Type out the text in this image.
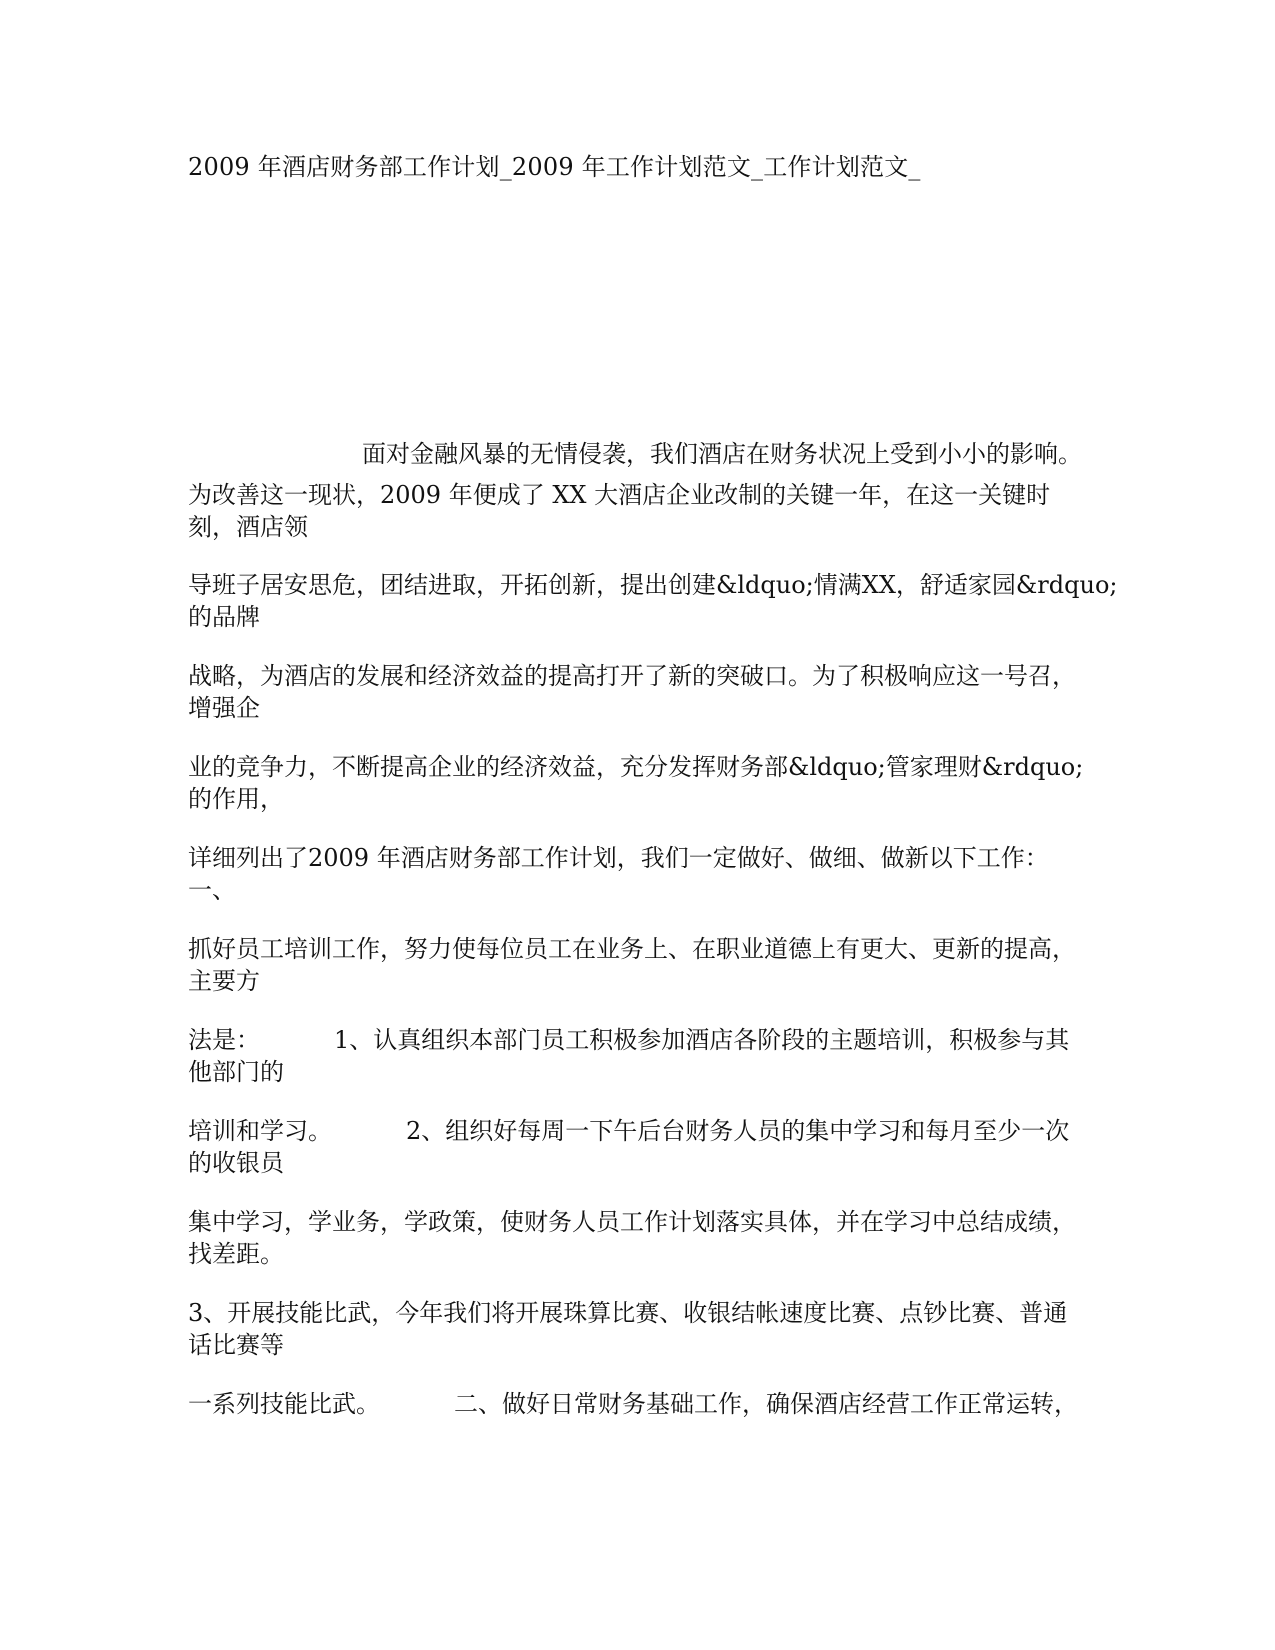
2009 年酒店财务部工作计划_2009 年工作计划范文_工作计划范文_
面对金融风暴的无情侵袭，我们酒店在财务状况上受到小小的影响。
为改善这一现状，2009 年便成了 XX 大酒店企业改制的关键一年，在这一关键时
刻，酒店领
导班子居安思危，团结进取，开拓创新，提出创建&ldquo;情满XX，舒适家园&rdquo;
的品牌
战略，为酒店的发展和经济效益的提高打开了新的突破口。为了积极响应这一号召，
增强企
业的竞争力，不断提高企业的经济效益，充分发挥财务部&ldquo;管家理财&rdquo;
的作用，
详细列出了2009 年酒店财务部工作计划，我们一定做好、做细、做新以下工作：
一、
抓好员工培训工作，努力使每位员工在业务上、在职业道德上有更大、更新的提高，
主要方
法是：	1、认真组织本部门员工积极参加酒店各阶段的主题培训，积极参与其
他部门的
培训和学习。	2、组织好每周一下午后台财务人员的集中学习和每月至少一次
的收银员
集中学习，学业务，学政策，使财务人员工作计划落实具体，并在学习中总结成绩，
找差距。
3、开展技能比武，今年我们将开展珠算比赛、收银结帐速度比赛、点钞比赛、普通
话比赛等
一系列技能比武。	二、做好日常财务基础工作，确保酒店经营工作正常运转，
